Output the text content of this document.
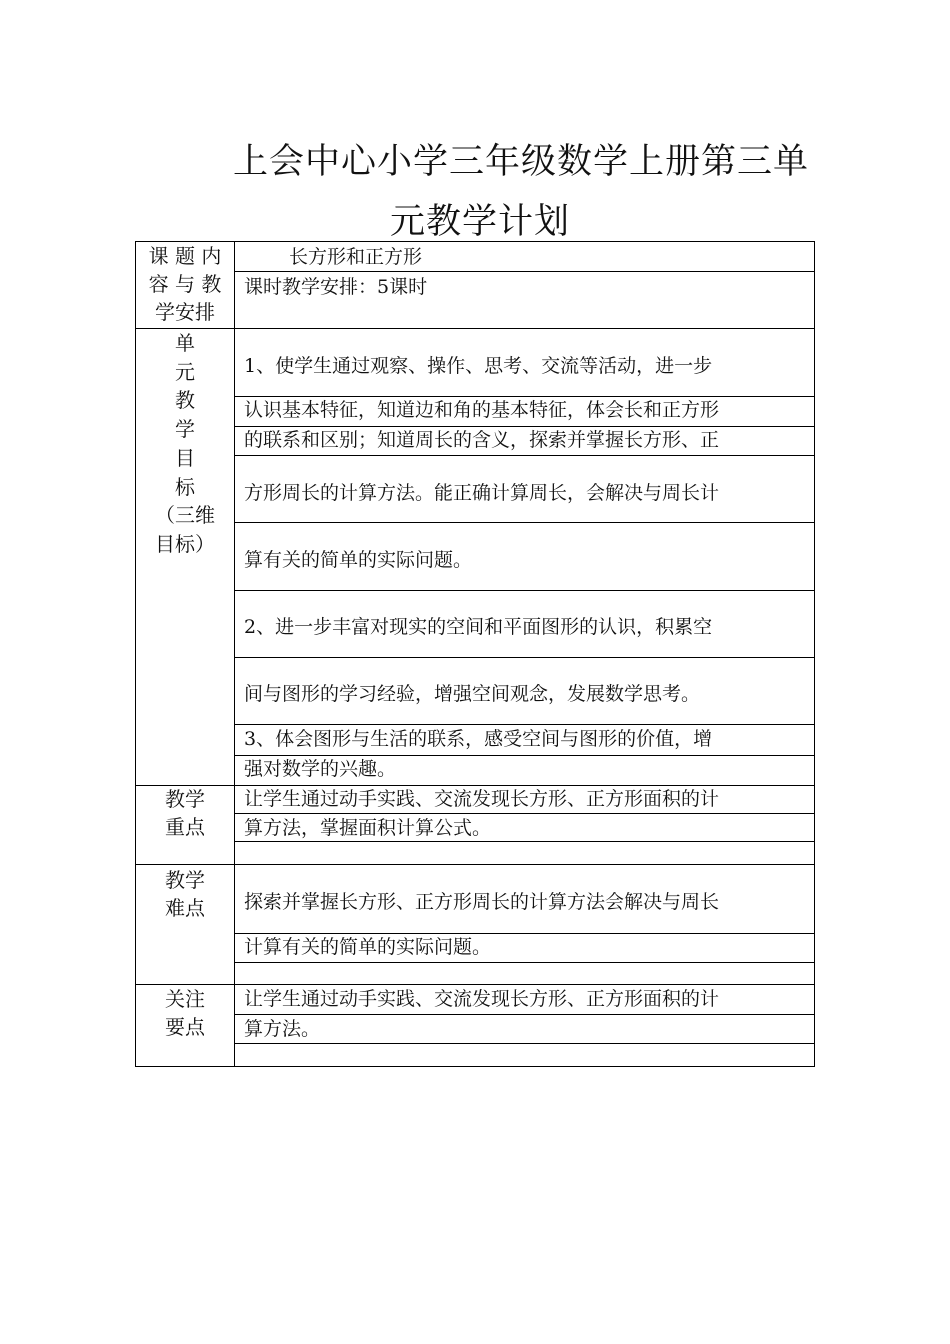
上会中心小学三年级数学上册第三单
元教学计划
课 题 内
容 与 教
学安排
单
元
教
学
目
标
（三维
目标）
教学
重点
教学
难点
关注
要点
长方形和正方形
课时教学安排：5课时
1、使学生通过观察、操作、思考、交流等活动，进一步
认识基本特征，知道边和角的基本特征，体会长和正方形
的联系和区别；知道周长的含义，探索并掌握长方形、正
方形周长的计算方法。能正确计算周长，会解决与周长计
算有关的简单的实际问题。
2、进一步丰富对现实的空间和平面图形的认识，积累空
间与图形的学习经验，增强空间观念，发展数学思考。
3、体会图形与生活的联系，感受空间与图形的价值，增
强对数学的兴趣。
让学生通过动手实践、交流发现长方形、正方形面积的计
算方法，掌握面积计算公式。
探索并掌握长方形、正方形周长的计算方法会解决与周长
计算有关的简单的实际问题。
让学生通过动手实践、交流发现长方形、正方形面积的计
算方法。
